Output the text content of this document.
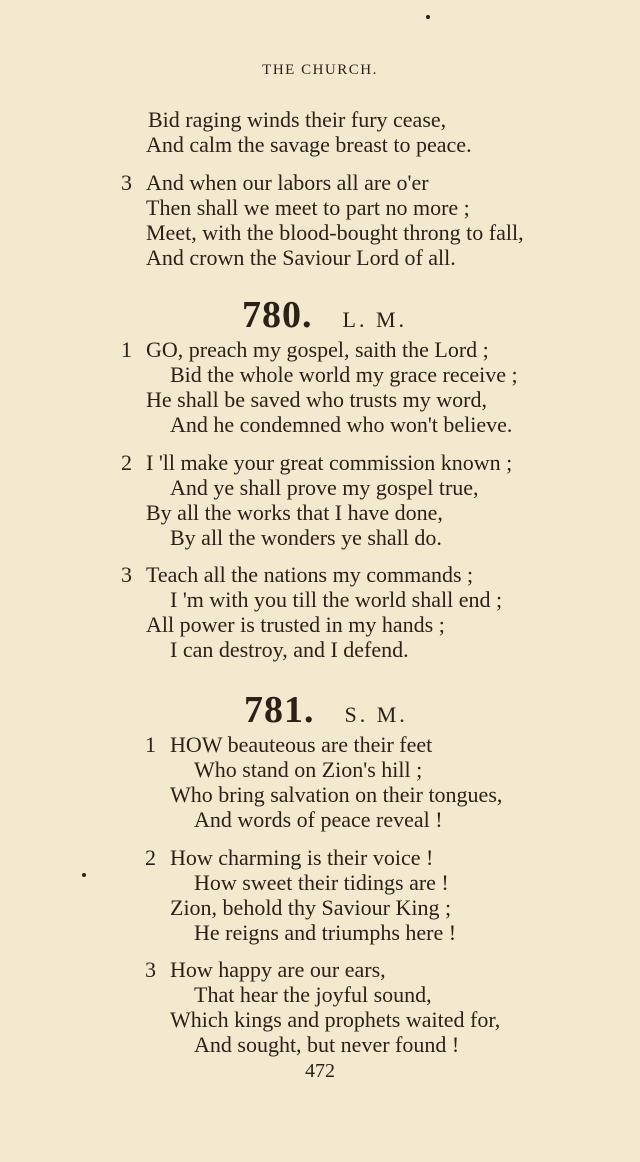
THE CHURCH.
Bid raging winds their fury cease,
And calm the savage breast to peace.
3 And when our labors all are o'er
Then shall we meet to part no more ;
Meet, with the blood-bought throng to fall,
And crown the Saviour Lord of all.
780. L. M.
1 GO, preach my gospel, saith the Lord ;
Bid the whole world my grace receive ;
He shall be saved who trusts my word,
And he condemned who won't believe.
2 I 'll make your great commission known ;
And ye shall prove my gospel true,
By all the works that I have done,
By all the wonders ye shall do.
3 Teach all the nations my commands ;
I 'm with you till the world shall end ;
All power is trusted in my hands ;
I can destroy, and I defend.
781. S. M.
1 HOW beauteous are their feet
Who stand on Zion's hill ;
Who bring salvation on their tongues,
And words of peace reveal !
2 How charming is their voice !
How sweet their tidings are !
Zion, behold thy Saviour King ;
He reigns and triumphs here !
3 How happy are our ears,
That hear the joyful sound,
Which kings and prophets waited for,
And sought, but never found !
472
